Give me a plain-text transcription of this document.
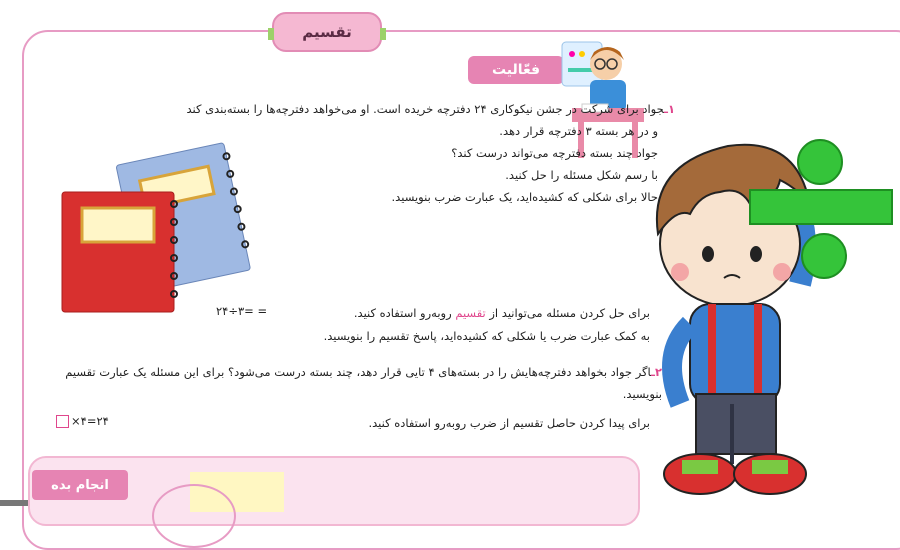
تقسیم
فعّالیت
۱ـجواد برای شرکت در جشن نیکوکاری ۲۴ دفترچه خریده است. او می‌خواهد دفترچه‌ها را بسته‌بندی کند
و در هر بسته ۳ دفترچه قرار دهد.
جواد چند بسته دفترچه می‌تواند درست کند؟
با رسم شکل مسئله را حل کنید.
حالا برای شکلی که کشیده‌اید، یک عبارت ضرب بنویسید.
برای حل کردن مسئله می‌توانید از تقسیم روبه‌رو استفاده کنید.
۲۴÷۳= =
به کمک عبارت ضرب یا شکلی که کشیده‌اید، پاسخ تقسیم را بنویسید.
۲ـاگر جواد بخواهد دفترچه‌هایش را در بسته‌های ۴ تایی قرار دهد، چند بسته درست می‌شود؟ برای این مسئله یک عبارت تقسیم
بنویسید.
برای پیدا کردن حاصل تقسیم از ضرب روبه‌رو استفاده کنید.
×۴=۲۴
انجام بده
